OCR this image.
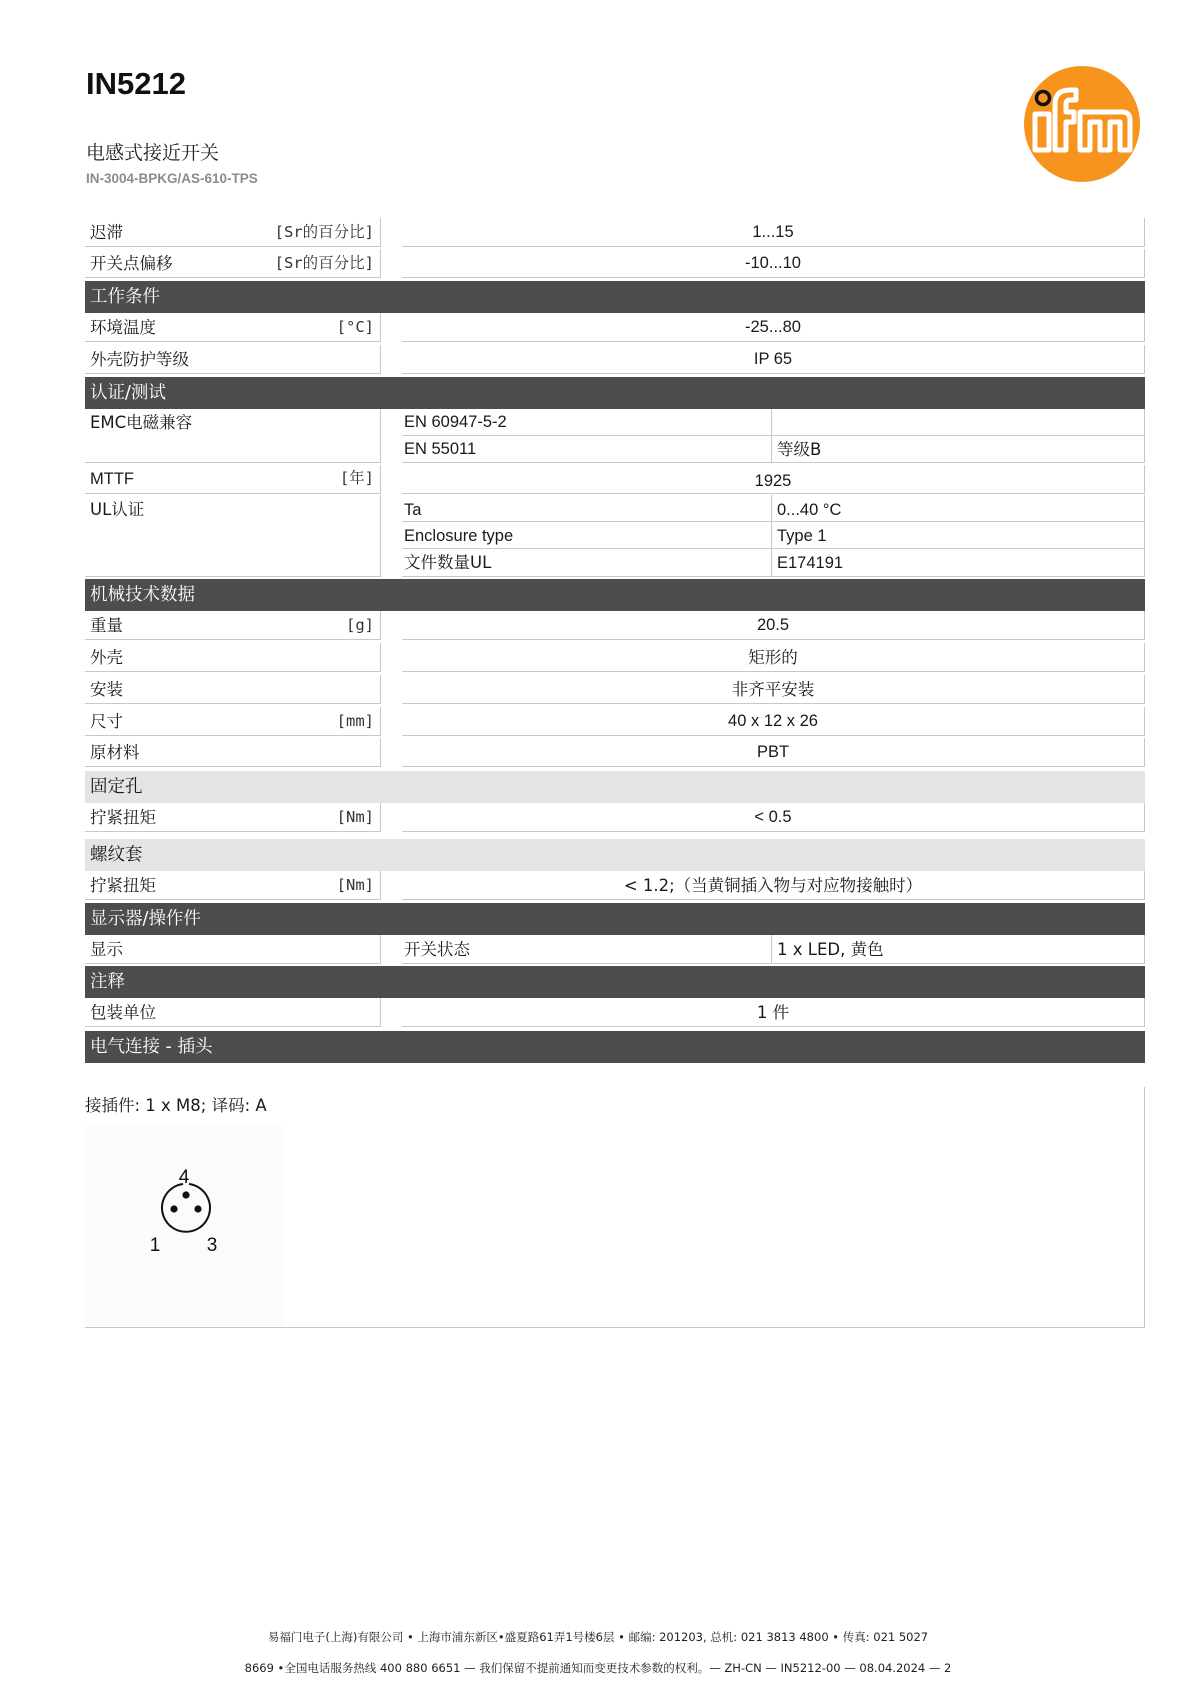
IN5212
电感式接近开关
IN-3004-BPKG/AS-610-TPS
迟滞	[Sr的百分比]	1...15
开关点偏移	[Sr的百分比]	-10...10
工作条件
环境温度	[°C]	-25...80
外壳防护等级	IP 65
认证/测试
EMC电磁兼容	EN 60947-5-2
EN 55011	等级B
MTTF	[年]	1925
UL认证	Ta	0...40 °C
Enclosure type	Type 1
文件数量UL	E174191
机械技术数据
重量	[g]	20.5
外壳	矩形的
安装	非齐平安装
尺寸	[mm]	40 x 12 x 26
原材料	PBT
固定孔
拧紧扭矩	[Nm]	< 0.5
螺纹套
拧紧扭矩	[Nm]	< 1.2;（当黄铜插入物与对应物接触时）
显示器/操作件
显示	开关状态	1 x LED, 黄色
注释
包装单位	1 件
电气连接 - 插头
接插件: 1 x M8; 译码: A
4
1 3
易福门电子(上海)有限公司 • 上海市浦东新区•盛夏路61弄1号楼6层 • 邮编: 201203, 总机: 021 3813 4800 • 传真: 021 5027
8669 •全国电话服务热线 400 880 6651 — 我们保留不提前通知而变更技术参数的权利。— ZH-CN — IN5212-00 — 08.04.2024 — 2
